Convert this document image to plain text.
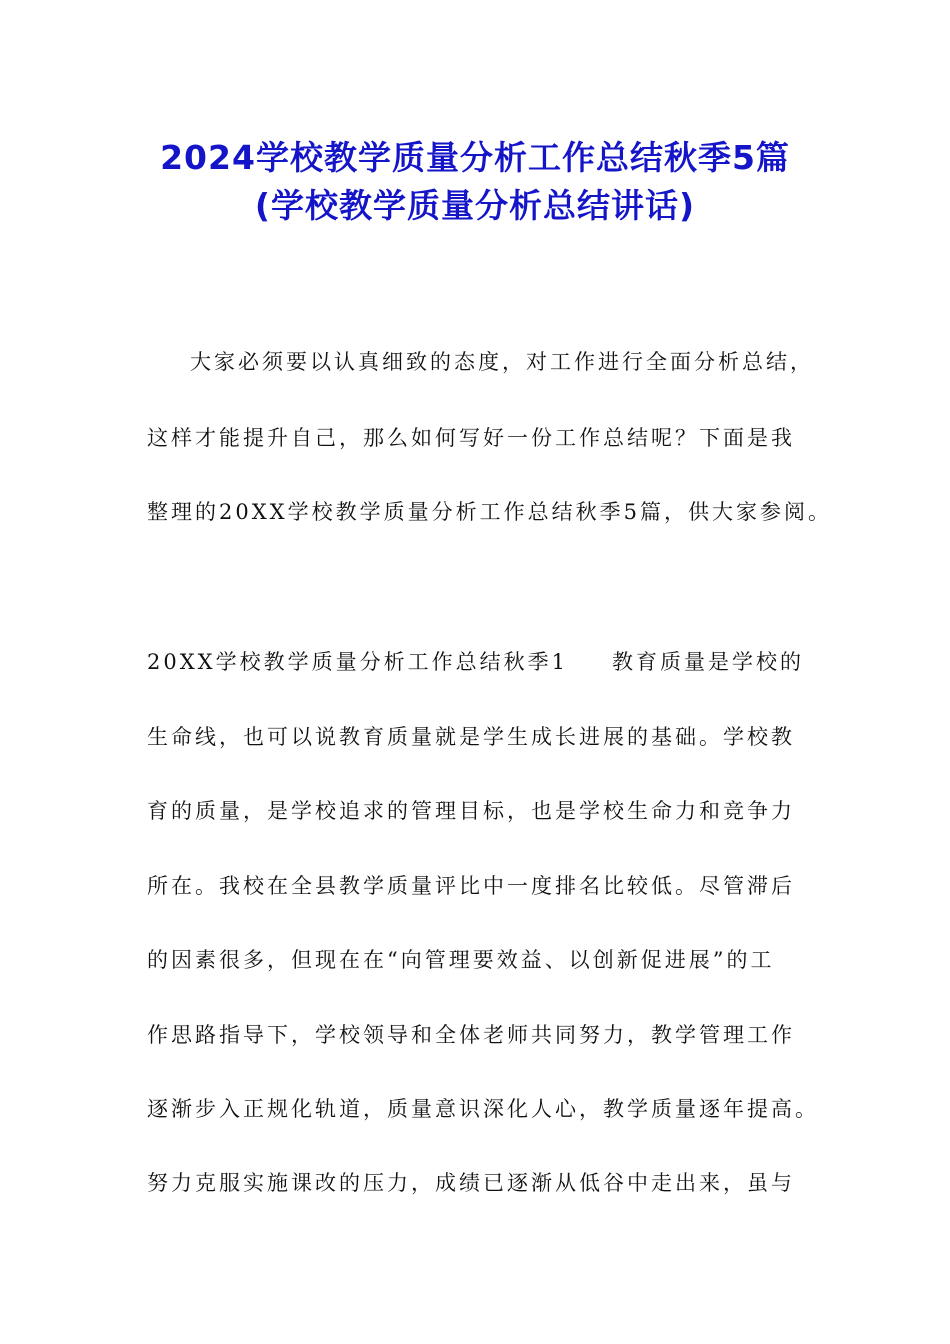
2024学校教学质量分析工作总结秋季5篇
(学校教学质量分析总结讲话)
大家必须要以认真细致的态度，对工作进行全面分析总结，
这样才能提升自己，那么如何写好一份工作总结呢？下面是我
整理的20XX学校教学质量分析工作总结秋季5篇，供大家参阅。
20XX学校教学质量分析工作总结秋季1 教育质量是学校的
生命线，也可以说教育质量就是学生成长进展的基础。学校教
育的质量，是学校追求的管理目标，也是学校生命力和竞争力
所在。我校在全县教学质量评比中一度排名比较低。尽管滞后
的因素很多，但现在在“向管理要效益、以创新促进展”的工
作思路指导下，学校领导和全体老师共同努力，教学管理工作
逐渐步入正规化轨道，质量意识深化人心，教学质量逐年提高。
努力克服实施课改的压力，成绩已逐渐从低谷中走出来，虽与
